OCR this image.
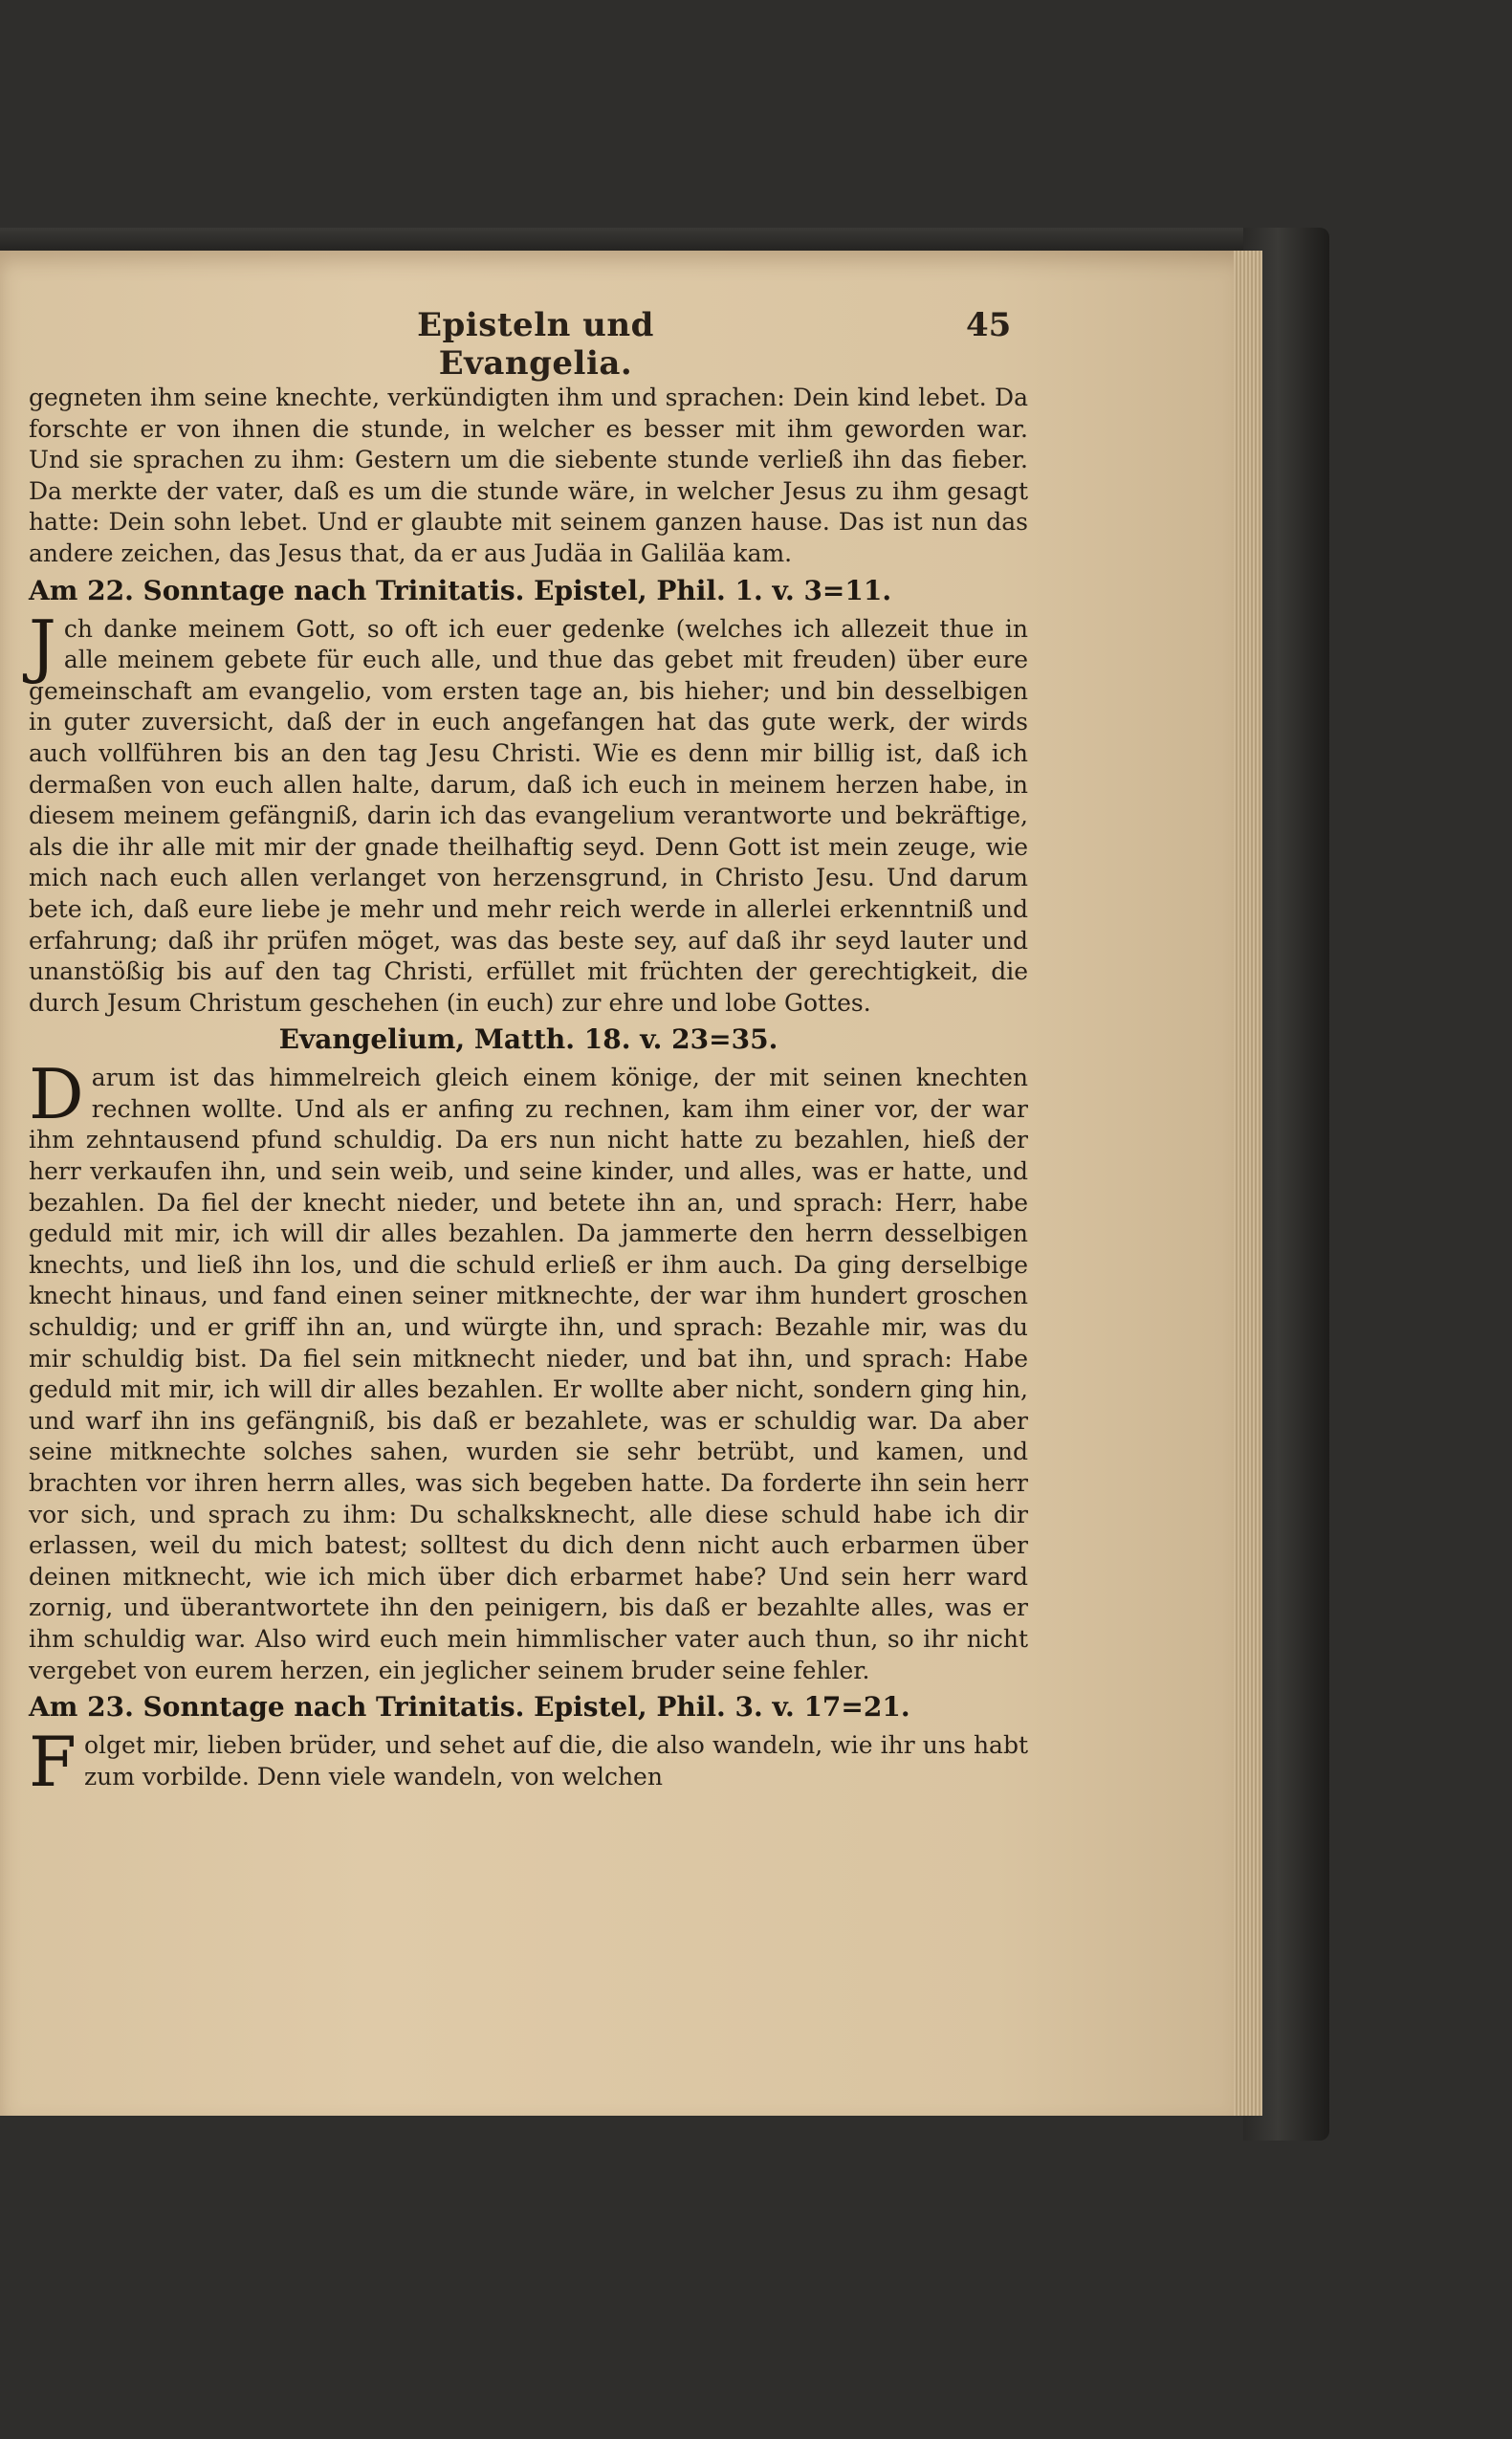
Episteln und Evangelia.
45

gegneten ihm seine knechte, verkündigten ihm und sprachen: Dein kind lebet. Da forschte er von ihnen die stunde, in welcher es besser mit ihm geworden war. Und sie sprachen zu ihm: Gestern um die siebente stunde verließ ihn das fieber. Da merkte der vater, daß es um die stunde wäre, in welcher Jesus zu ihm gesagt hatte: Dein sohn lebet. Und er glaubte mit seinem ganzen hause. Das ist nun das andere zeichen, das Jesus that, da er aus Judäa in Galiläa kam.

Am 22. Sonntage nach Trinitatis. Epistel, Phil. 1. v. 3=11.

Jch danke meinem Gott, so oft ich euer gedenke (welches ich allezeit thue in alle meinem gebete für euch alle, und thue das gebet mit freuden) über eure gemeinschaft am evangelio, vom ersten tage an, bis hieher; und bin desselbigen in guter zuversicht, daß der in euch angefangen hat das gute werk, der wirds auch vollführen bis an den tag Jesu Christi. Wie es denn mir billig ist, daß ich dermaßen von euch allen halte, darum, daß ich euch in meinem herzen habe, in diesem meinem gefängniß, darin ich das evangelium verantworte und bekräftige, als die ihr alle mit mir der gnade theilhaftig seyd. Denn Gott ist mein zeuge, wie mich nach euch allen verlanget von herzensgrund, in Christo Jesu. Und darum bete ich, daß eure liebe je mehr und mehr reich werde in allerlei erkenntniß und erfahrung; daß ihr prüfen möget, was das beste sey, auf daß ihr seyd lauter und unanstößig bis auf den tag Christi, erfüllet mit früchten der gerechtigkeit, die durch Jesum Christum geschehen (in euch) zur ehre und lobe Gottes.

Evangelium, Matth. 18. v. 23=35.

Darum ist das himmelreich gleich einem könige, der mit seinen knechten rechnen wollte. Und als er anfing zu rechnen, kam ihm einer vor, der war ihm zehntausend pfund schuldig. Da ers nun nicht hatte zu bezahlen, hieß der herr verkaufen ihn, und sein weib, und seine kinder, und alles, was er hatte, und bezahlen. Da fiel der knecht nieder, und betete ihn an, und sprach: Herr, habe geduld mit mir, ich will dir alles bezahlen. Da jammerte den herrn desselbigen knechts, und ließ ihn los, und die schuld erließ er ihm auch. Da ging derselbige knecht hinaus, und fand einen seiner mitknechte, der war ihm hundert groschen schuldig; und er griff ihn an, und würgte ihn, und sprach: Bezahle mir, was du mir schuldig bist. Da fiel sein mitknecht nieder, und bat ihn, und sprach: Habe geduld mit mir, ich will dir alles bezahlen. Er wollte aber nicht, sondern ging hin, und warf ihn ins gefängniß, bis daß er bezahlete, was er schuldig war. Da aber seine mitknechte solches sahen, wurden sie sehr betrübt, und kamen, und brachten vor ihren herrn alles, was sich begeben hatte. Da forderte ihn sein herr vor sich, und sprach zu ihm: Du schalksknecht, alle diese schuld habe ich dir erlassen, weil du mich batest; solltest du dich denn nicht auch erbarmen über deinen mitknecht, wie ich mich über dich erbarmet habe? Und sein herr ward zornig, und überantwortete ihn den peinigern, bis daß er bezahlte alles, was er ihm schuldig war. Also wird euch mein himmlischer vater auch thun, so ihr nicht vergebet von eurem herzen, ein jeglicher seinem bruder seine fehler.

Am 23. Sonntage nach Trinitatis. Epistel, Phil. 3. v. 17=21.

Folget mir, lieben brüder, und sehet auf die, die also wandeln, wie ihr uns habt zum vorbilde. Denn viele wandeln, von welchen
